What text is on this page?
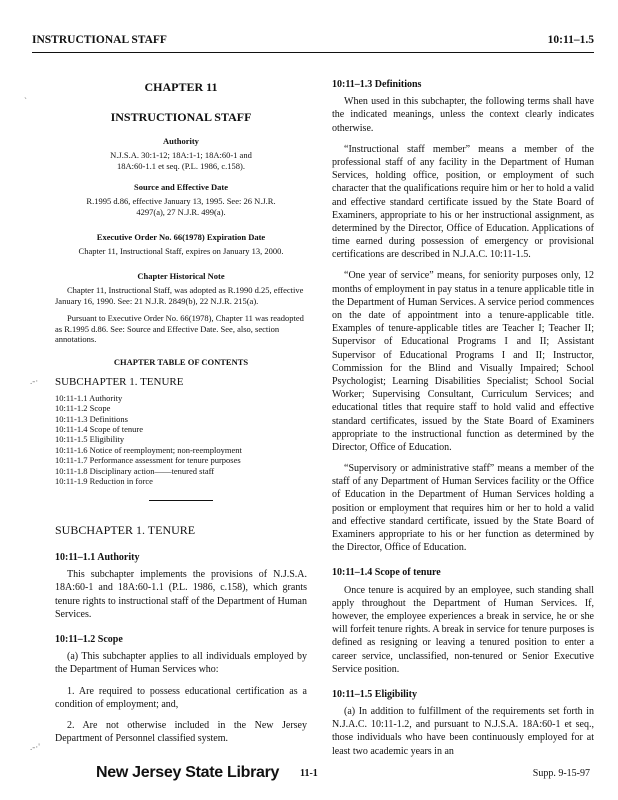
INSTRUCTIONAL STAFF	10:11–1.5
CHAPTER 11
INSTRUCTIONAL STAFF
Authority
N.J.S.A. 30:1-12; 18A:1-1; 18A:60-1 and 18A:60-1.1 et seq. (P.L. 1986, c.158).
Source and Effective Date
R.1995 d.86, effective January 13, 1995. See: 26 N.J.R. 4297(a), 27 N.J.R. 499(a).
Executive Order No. 66(1978) Expiration Date
Chapter 11, Instructional Staff, expires on January 13, 2000.
Chapter Historical Note

Chapter 11, Instructional Staff, was adopted as R.1990 d.25, effective January 16, 1990. See: 21 N.J.R. 2849(b), 22 N.J.R. 215(a).

Pursuant to Executive Order No. 66(1978), Chapter 11 was readopted as R.1995 d.86. See: Source and Effective Date. See, also, section annotations.

CHAPTER TABLE OF CONTENTS
SUBCHAPTER 1. TENURE
10:11-1.1 Authority
10:11-1.2 Scope
10:11-1.3 Definitions
10:11-1.4 Scope of tenure
10:11-1.5 Eligibility
10:11-1.6 Notice of reemployment; non-reemployment
10:11-1.7 Performance assessment for tenure purposes
10:11-1.8 Disciplinary action——tenured staff
10:11-1.9 Reduction in force
SUBCHAPTER 1. TENURE
10:11–1.1 Authority

This subchapter implements the provisions of N.J.S.A. 18A:60-1 and 18A:60-1.1 (P.L. 1986, c.158), which grants tenure rights to instructional staff of the Department of Human Services.

10:11–1.2 Scope

(a) This subchapter applies to all individuals employed by the Department of Human Services who:

1. Are required to possess educational certification as a condition of employment; and,

2. Are not otherwise included in the New Jersey Department of Personnel classified system.

10:11–1.3 Definitions

When used in this subchapter, the following terms shall have the indicated meanings, unless the context clearly indicates otherwise.

“Instructional staff member” means a member of the professional staff of any facility in the Department of Human Services, holding office, position, or employment of such character that the qualifications require him or her to hold a valid and effective standard certificate issued by the State Board of Examiners, appropriate to his or her instructional assignment, as determined by the Director, Office of Education. Applications of time earned during possession of emergency or provisional certifications are described in N.J.A.C. 10:11-1.5.

“One year of service” means, for seniority purposes only, 12 months of employment in pay status in a tenure applicable title in the Department of Human Services. A service period commences on the date of appointment into a tenure-applicable title. Examples of tenure-applicable titles are Teacher I; Teacher II; Supervisor of Educational Programs I and II; Assistant Supervisor of Educational Programs I and II; Instructor, Commission for the Blind and Visually Impaired; School Psychologist; Learning Disabilities Specialist; School Social Worker; Supervising Consultant, Curriculum Services; and educational titles that require staff to hold valid and effective standard certificates, issued by the State Board of Examiners appropriate to the instructional function as determined by the Director, Office of Education.

“Supervisory or administrative staff” means a member of the staff of any Department of Human Services facility or the Office of Education in the Department of Human Services holding a position or employment that requires him or her to hold a valid and effective standard certificate, issued by the State Board of Examiners appropriate to his or her function as determined by the Director, Office of Education.

10:11–1.4 Scope of tenure

Once tenure is acquired by an employee, such standing shall apply throughout the Department of Human Services. If, however, the employee experiences a break in service, he or she will forfeit tenure rights. A break in service for tenure purposes is defined as resigning or leaving a tenured position to enter a career service, unclassified, non-tenured or Senior Executive Service position.

10:11–1.5 Eligibility

(a) In addition to fulfillment of the requirements set forth in N.J.A.C. 10:11-1.2, and pursuant to N.J.S.A. 18A:60-1 et seq., those individuals who have been continuously employed for at least two academic years in an

New Jersey State Library 11-1	Supp. 9-15-97
`
.-·
.-·'
